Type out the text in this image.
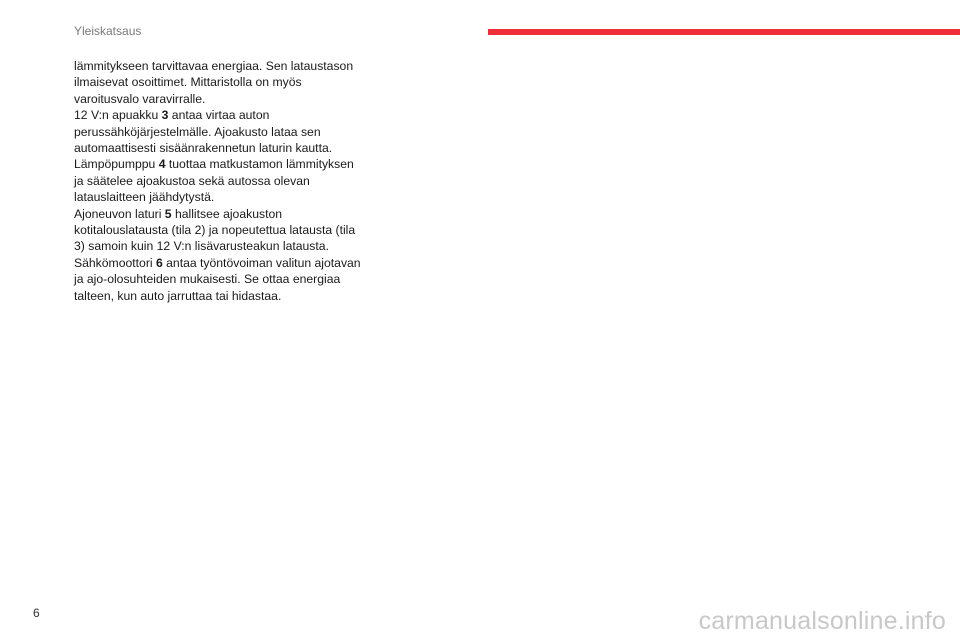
Yleiskatsaus

lämmitykseen tarvittavaa energiaa. Sen lataustason ilmaisevat osoittimet. Mittaristolla on myös varoitusvalo varavirralle.

12 V:n apuakku 3 antaa virtaa auton perussähköjärjestelmälle. Ajoakusto lataa sen automaattisesti sisäänrakennetun laturin kautta.

Lämpöpumppu 4 tuottaa matkustamon lämmityksen ja säätelee ajoakustoa sekä autossa olevan latauslaitteen jäähdytystä.

Ajoneuvon laturi 5 hallitsee ajoakuston kotitalouslatausta (tila 2) ja nopeutettua latausta (tila 3) samoin kuin 12 V:n lisävarusteakun latausta.

Sähkömoottori 6 antaa työntövoiman valitun ajotavan ja ajo-olosuhteiden mukaisesti. Se ottaa energiaa talteen, kun auto jarruttaa tai hidastaa.

6	carmanualsonline.info
